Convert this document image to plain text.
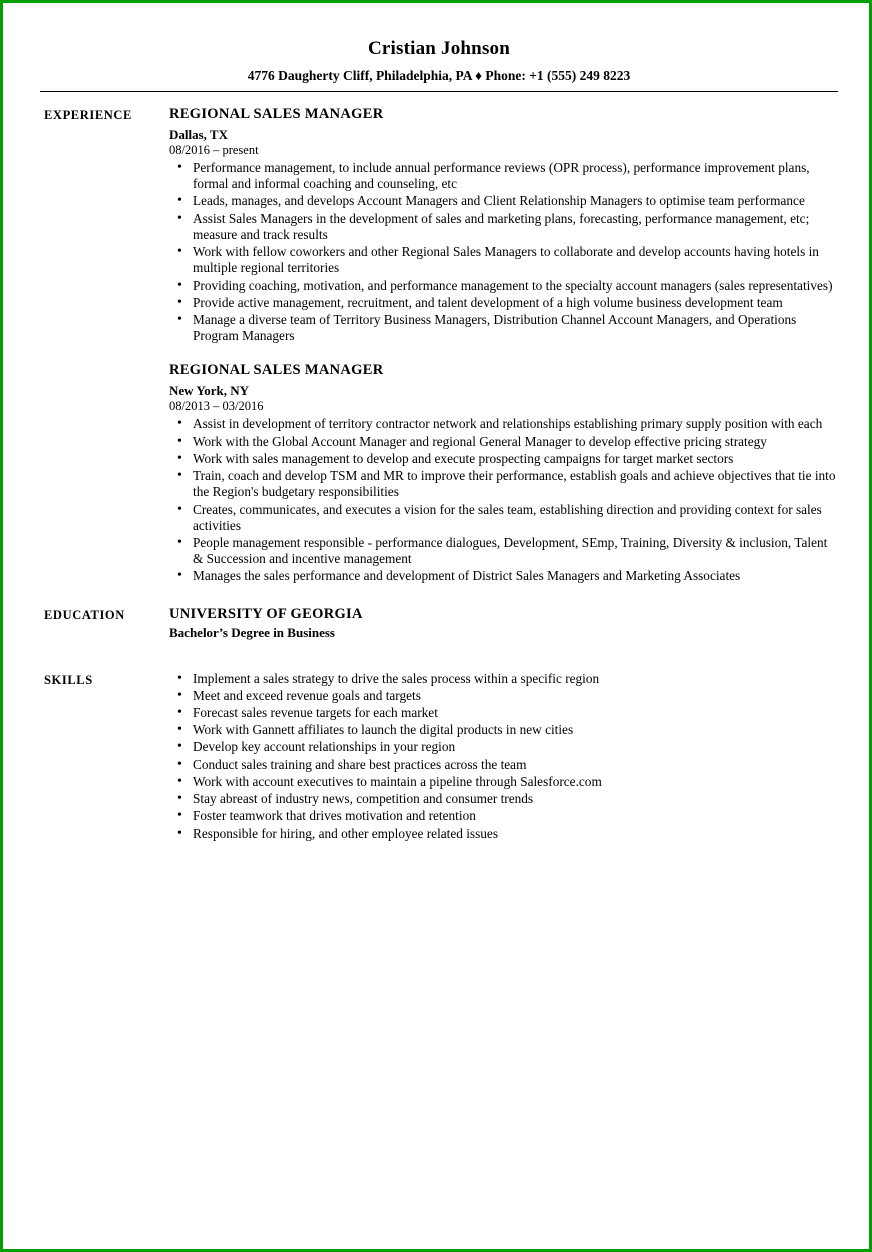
Cristian Johnson
4776 Daugherty Cliff, Philadelphia, PA ♦ Phone: +1 (555) 249 8223
EXPERIENCE	REGIONAL SALES MANAGER
Dallas, TX
08/2016 – present
• Performance management, to include annual performance reviews (OPR process), performance improvement plans, formal and informal coaching and counseling, etc
• Leads, manages, and develops Account Managers and Client Relationship Managers to optimise team performance
• Assist Sales Managers in the development of sales and marketing plans, forecasting, performance management, etc; measure and track results
• Work with fellow coworkers and other Regional Sales Managers to collaborate and develop accounts having hotels in multiple regional territories
• Providing coaching, motivation, and performance management to the specialty account managers (sales representatives)
• Provide active management, recruitment, and talent development of a high volume business development team
• Manage a diverse team of Territory Business Managers, Distribution Channel Account Managers, and Operations Program Managers
REGIONAL SALES MANAGER
New York, NY
08/2013 – 03/2016
• Assist in development of territory contractor network and relationships establishing primary supply position with each
• Work with the Global Account Manager and regional General Manager to develop effective pricing strategy
• Work with sales management to develop and execute prospecting campaigns for target market sectors
• Train, coach and develop TSM and MR to improve their performance, establish goals and achieve objectives that tie into the Region's budgetary responsibilities
• Creates, communicates, and executes a vision for the sales team, establishing direction and providing context for sales activities
• People management responsible - performance dialogues, Development, SEmp, Training, Diversity & inclusion, Talent & Succession and incentive management
• Manages the sales performance and development of District Sales Managers and Marketing Associates
EDUCATION	UNIVERSITY OF GEORGIA
Bachelor’s Degree in Business
SKILLS	• Implement a sales strategy to drive the sales process within a specific region
• Meet and exceed revenue goals and targets
• Forecast sales revenue targets for each market
• Work with Gannett affiliates to launch the digital products in new cities
• Develop key account relationships in your region
• Conduct sales training and share best practices across the team
• Work with account executives to maintain a pipeline through Salesforce.com
• Stay abreast of industry news, competition and consumer trends
• Foster teamwork that drives motivation and retention
• Responsible for hiring, and other employee related issues
